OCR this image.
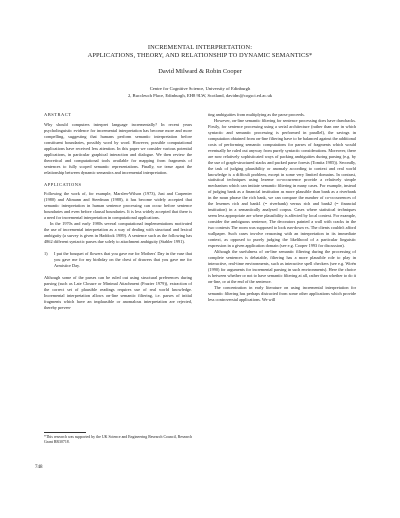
INCREMENTAL INTERPRETATION:
APPLICATIONS, THEORY, AND RELATIONSHIP TO DYNAMIC SEMANTICS*
David Milward & Robin Cooper
Centre for Cognitive Science, University of Edinburgh
2, Buccleuch Place, Edinburgh, EH8 9LW, Scotland, davidm@cogsci.ed.ac.uk
ABSTRACT

Why should computers interpret language incrementally? In recent years psycholinguistic evidence for incremental interpretation has become more and more compelling, suggesting that humans perform semantic interpretation before constituent boundaries, possibly word by word. However, possible computational applications have received less attention. In this paper we consider various potential applications, in particular graphical interaction and dialogue. We then review the theoretical and computational tools available for mapping from fragments of sentences to fully scoped semantic representations. Finally, we tease apart the relationship between dynamic semantics and incremental interpretation.

APPLICATIONS

Following the work of, for example, Marslen-Wilson (1973), Just and Carpenter (1980) and Altmann and Steedman (1988), it has become widely accepted that semantic interpretation in human sentence processing can occur before sentence boundaries and even before clausal boundaries. It is less widely accepted that there is a need for incremental interpretation in computational applications.

In the 1970s and early 1980s several computational implementations motivated the use of incremental interpretation as a way of dealing with structural and lexical ambiguity (a survey is given in Haddock 1989). A sentence such as the following has 4862 different syntactic parses due solely to attachment ambiguity (Stabler 1991).

1)	I put the bouquet of flowers that you gave me for Mothers' Day in the vase that you gave me for my birthday on the chest of drawers that you gave me for Armistice Day.

Although some of the parses can be ruled out using structural preferences during parsing (such as Late Closure or Minimal Attachment (Frazier 1979)), extraction of the correct set of plausible readings requires use of real world knowledge. Incremental interpretation allows on-line semantic filtering, i.e. parses of initial fragments which have an implausible or anomalous interpretation are rejected, thereby preven-

*This research was supported by the UK Science and Engineering Research Council, Research Grant RR30718.

ting ambiguities from multiplying as the parse proceeds.

However, on-line semantic filtering for sentence processing does have drawbacks. Firstly, for sentence processing using a serial architecture (rather than one in which syntactic and semantic processing is performed in parallel), the savings in computation obtained from on-line filtering have to be balanced against the additional costs of performing semantic computations for parses of fragments which would eventually be ruled out anyway from purely syntactic considerations. Moreover, there are now relatively sophisticated ways of packing ambiguities during parsing (e.g. by the use of graph-structured stacks and packed parse forests (Tomita 1985)). Secondly, the task of judging plausibility or anomaly according to context and real world knowledge is a difficult problem, except in some very limited domains. In contrast, statistical techniques using lexeme co-occurrence provide a relatively simple mechanism which can imitate semantic filtering in many cases. For example, instead of judging bank as a financial institution as more plausible than bank as a riverbank in the noun phrase the rich bank, we can compare the number of co-occurrences of the lexemes rich and bank1 (= riverbank) versus rich and bank2 (= financial institution) in a semantically analysed corpus. Cases where statistical techniques seem less appropriate are where plausibility is affected by local context. For example, consider the ambiguous sentence, The decorators painted a wall with cracks in the two contexts The room was supposed to look run-down vs. The clients couldn't afford wallpaper. Such cases involve reasoning with an interpretation in its immediate context, as opposed to purely judging the likelihood of a particular linguistic expression in a given application domain (see e.g. Cooper 1993 for discussion).

Although the usefulness of on-line semantic filtering during the processing of complete sentences is debatable, filtering has a more plausible role to play in interactive, real-time environments, such as interactive spell checkers (see e.g. Wirén (1990) for arguments for incremental parsing in such environments). Here the choice is between whether or not to have semantic filtering at all, rather than whether to do it on-line, or at the end of the sentence.

The concentration in early literature on using incremental interpretation for semantic filtering has perhaps distracted from some other applications which provide less controversial applications. We will

748
